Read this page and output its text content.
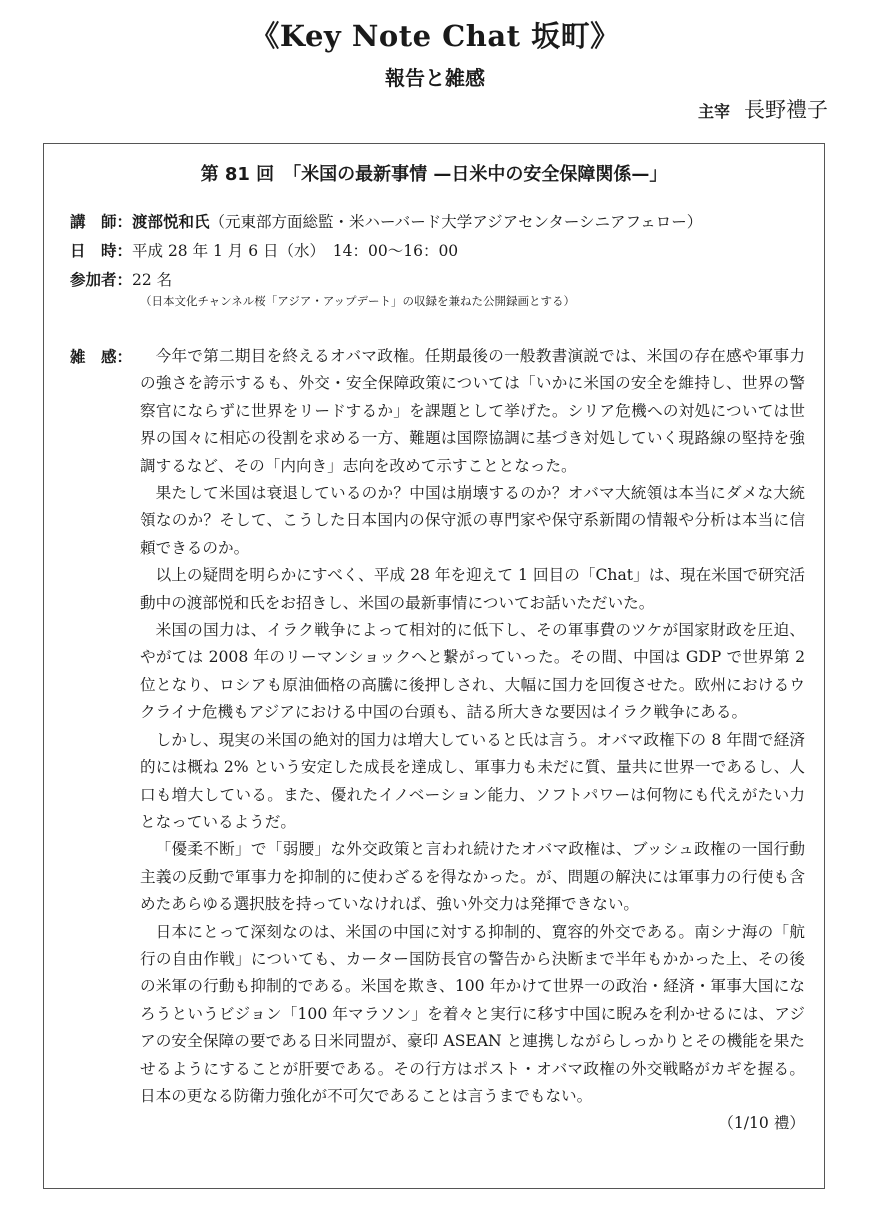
《Key Note Chat 坂町》
報告と雑感
主宰 長野禮子
第 81 回　「米国の最新事情 —日米中の安全保障関係—」
講　師：渡部悦和氏（元東部方面総監・米ハーバード大学アジアセンターシニアフェロー）
日　時：平成 28 年 1 月 6 日（水）　14：00〜16：00
参加者：22 名
（日本文化チャンネル桜「アジア・アップデート」の収録を兼ねた公開録画とする）
雑　感：	今年で第二期目を終えるオバマ政権。任期最後の一般教書演説では、米国の存在感や軍事力の強さを誇示するも、外交・安全保障政策については「いかに米国の安全を維持し、世界の警察官にならずに世界をリードするか」を課題として挙げた。シリア危機への対処については世界の国々に相応の役割を求める一方、難題は国際協調に基づき対処していく現路線の堅持を強調するなど、その「内向き」志向を改めて示すこととなった。

果たして米国は衰退しているのか？中国は崩壊するのか？オバマ大統領は本当にダメな大統領なのか？そして、こうした日本国内の保守派の専門家や保守系新聞の情報や分析は本当に信頼できるのか。

以上の疑問を明らかにすべく、平成 28 年を迎えて 1 回目の「Chat」は、現在米国で研究活動中の渡部悦和氏をお招きし、米国の最新事情についてお話いただいた。

米国の国力は、イラク戦争によって相対的に低下し、その軍事費のツケが国家財政を圧迫、やがては 2008 年のリーマンショックへと繋がっていった。その間、中国は GDP で世界第 2 位となり、ロシアも原油価格の高騰に後押しされ、大幅に国力を回復させた。欧州におけるウクライナ危機もアジアにおける中国の台頭も、詰る所大きな要因はイラク戦争にある。

しかし、現実の米国の絶対的国力は増大していると氏は言う。オバマ政権下の 8 年間で経済的には概ね 2% という安定した成長を達成し、軍事力も未だに質、量共に世界一であるし、人口も増大している。また、優れたイノベーション能力、ソフトパワーは何物にも代えがたい力となっているようだ。

「優柔不断」で「弱腰」な外交政策と言われ続けたオバマ政権は、ブッシュ政権の一国行動主義の反動で軍事力を抑制的に使わざるを得なかった。が、問題の解決には軍事力の行使も含めたあらゆる選択肢を持っていなければ、強い外交力は発揮できない。

日本にとって深刻なのは、米国の中国に対する抑制的、寛容的外交である。南シナ海の「航行の自由作戦」についても、カーター国防長官の警告から決断まで半年もかかった上、その後の米軍の行動も抑制的である。米国を欺き、100 年かけて世界一の政治・経済・軍事大国になろうというビジョン「100 年マラソン」を着々と実行に移す中国に睨みを利かせるには、アジアの安全保障の要である日米同盟が、豪印 ASEAN と連携しながらしっかりとその機能を果たせるようにすることが肝要である。その行方はポスト・オバマ政権の外交戦略がカギを握る。日本の更なる防衛力強化が不可欠であることは言うまでもない。

（1/10 禮）
